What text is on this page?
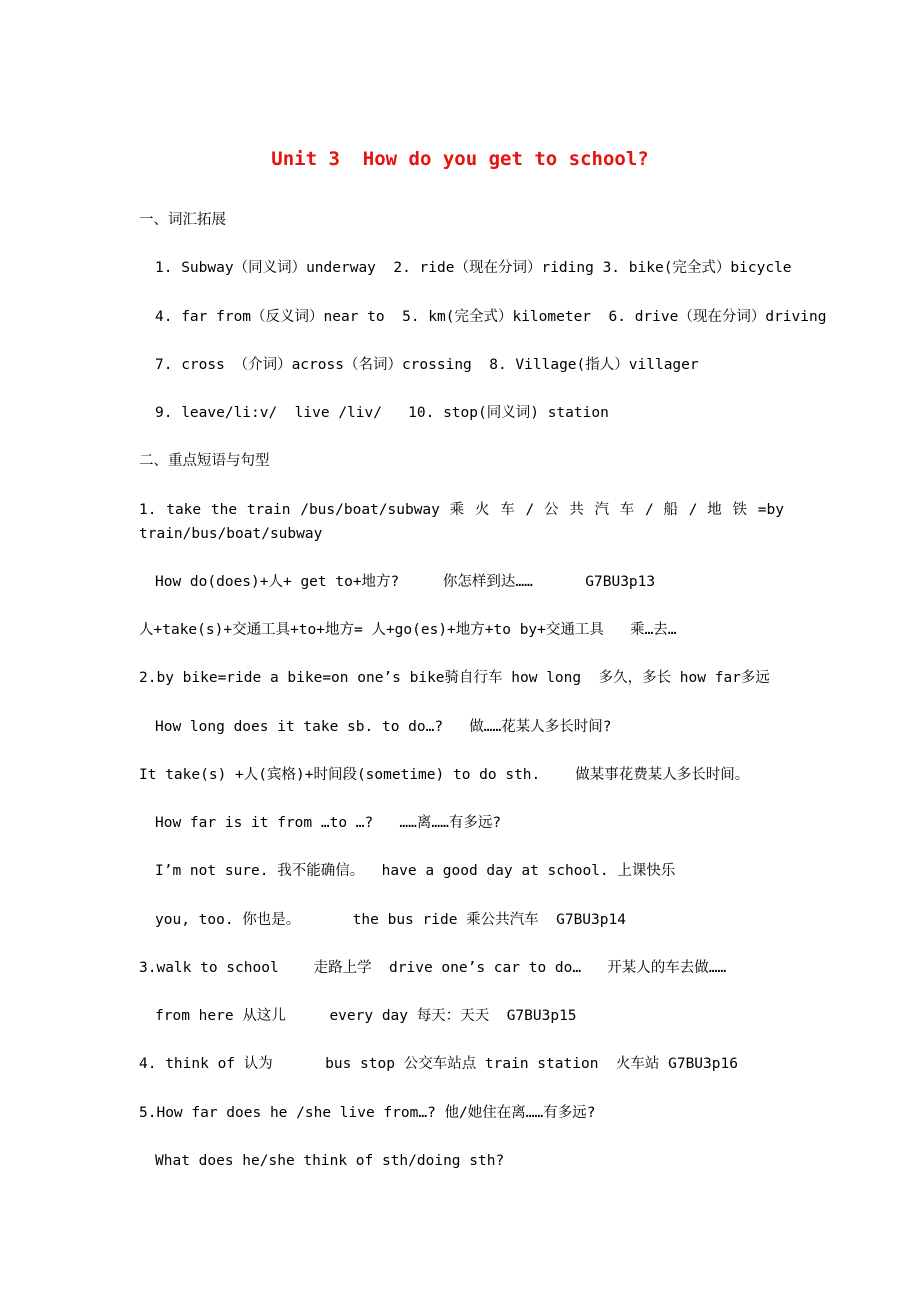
Unit 3  How do you get to school?
一、词汇拓展
1. Subway（同义词）underway  2. ride（现在分词）riding 3. bike(完全式）bicycle
4. far from（反义词）near to  5. km(完全式）kilometer  6. drive（现在分词）driving
7. cross （介词）across（名词）crossing  8. Village(指人）villager
9. leave/li:v/  live /liv/   10. stop(同义词) station
二、重点短语与句型
1. take the train /bus/boat/subway 乘 火 车 / 公 共 汽 车 / 船 / 地 铁 =by
train/bus/boat/subway
How do(does)+人+ get to+地方?     你怎样到达……      G7BU3p13
人+take(s)+交通工具+to+地方= 人+go(es)+地方+to by+交通工具   乘…去…
2.by bike=ride a bike=on one’s bike骑自行车 how long  多久，多长 how far多远
How long does it take sb. to do…?   做……花某人多长时间?
It take(s) +人(宾格)+时间段(sometime) to do sth.    做某事花费某人多长时间。
How far is it from …to …?   ……离……有多远?
I’m not sure. 我不能确信。  have a good day at school. 上课快乐
you, too. 你也是。      the bus ride 乘公共汽车  G7BU3p14
3.walk to school    走路上学  drive one’s car to do…   开某人的车去做……
from here 从这儿     every day 每天：天天  G7BU3p15
4. think of 认为      bus stop 公交车站点 train station  火车站 G7BU3p16
5.How far does he /she live from…? 他/她住在离……有多远?
What does he/she think of sth/doing sth?
